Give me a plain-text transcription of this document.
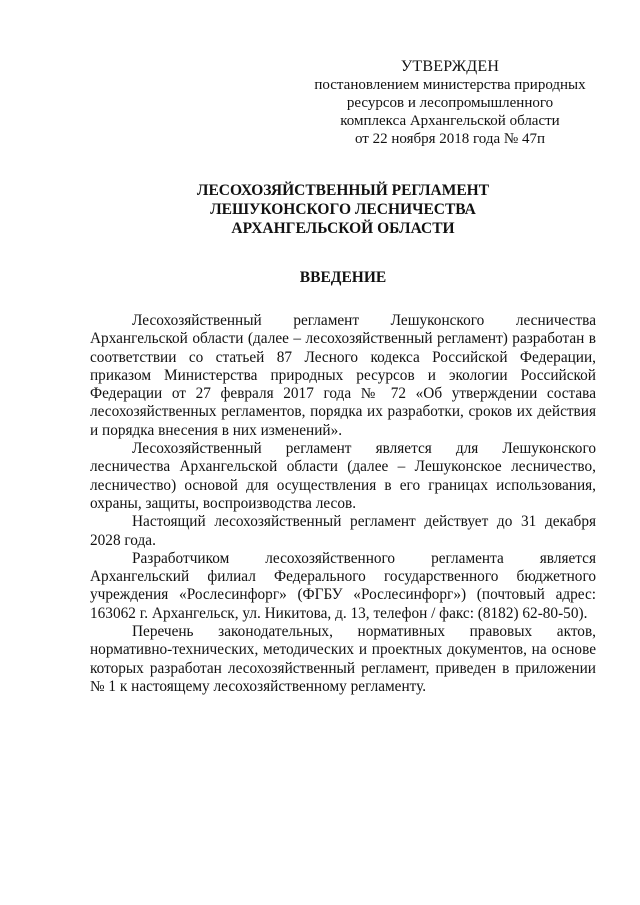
УТВЕРЖДЕН
постановлением министерства природных
ресурсов и лесопромышленного
комплекса Архангельской области
от 22 ноября 2018 года № 47п
ЛЕСОХОЗЯЙСТВЕННЫЙ РЕГЛАМЕНТ
ЛЕШУКОНСКОГО ЛЕСНИЧЕСТВА
АРХАНГЕЛЬСКОЙ ОБЛАСТИ
ВВЕДЕНИЕ

Лесохозяйственный регламент Лешуконского лесничества Архангельской области (далее – лесохозяйственный регламент) разработан в соответствии со статьей 87 Лесного кодекса Российской Федерации, приказом Министерства природных ресурсов и экологии Российской Федерации от 27 февраля 2017 года № 72 «Об утверждении состава лесохозяйственных регламентов, порядка их разработки, сроков их действия и порядка внесения в них изменений».

Лесохозяйственный регламент является для Лешуконского лесничества Архангельской области (далее – Лешуконское лесничество, лесничество) основой для осуществления в его границах использования, охраны, защиты, воспроизводства лесов.

Настоящий лесохозяйственный регламент действует до 31 декабря 2028 года.

Разработчиком лесохозяйственного регламента является Архангельский филиал Федерального государственного бюджетного учреждения «Рослесинфорг» (ФГБУ «Рослесинфорг») (почтовый адрес: 163062 г. Архангельск, ул. Никитова, д. 13, телефон / факс: (8182) 62-80-50).

Перечень законодательных, нормативных правовых актов, нормативно-технических, методических и проектных документов, на основе которых разработан лесохозяйственный регламент, приведен в приложении № 1 к настоящему лесохозяйственному регламенту.
